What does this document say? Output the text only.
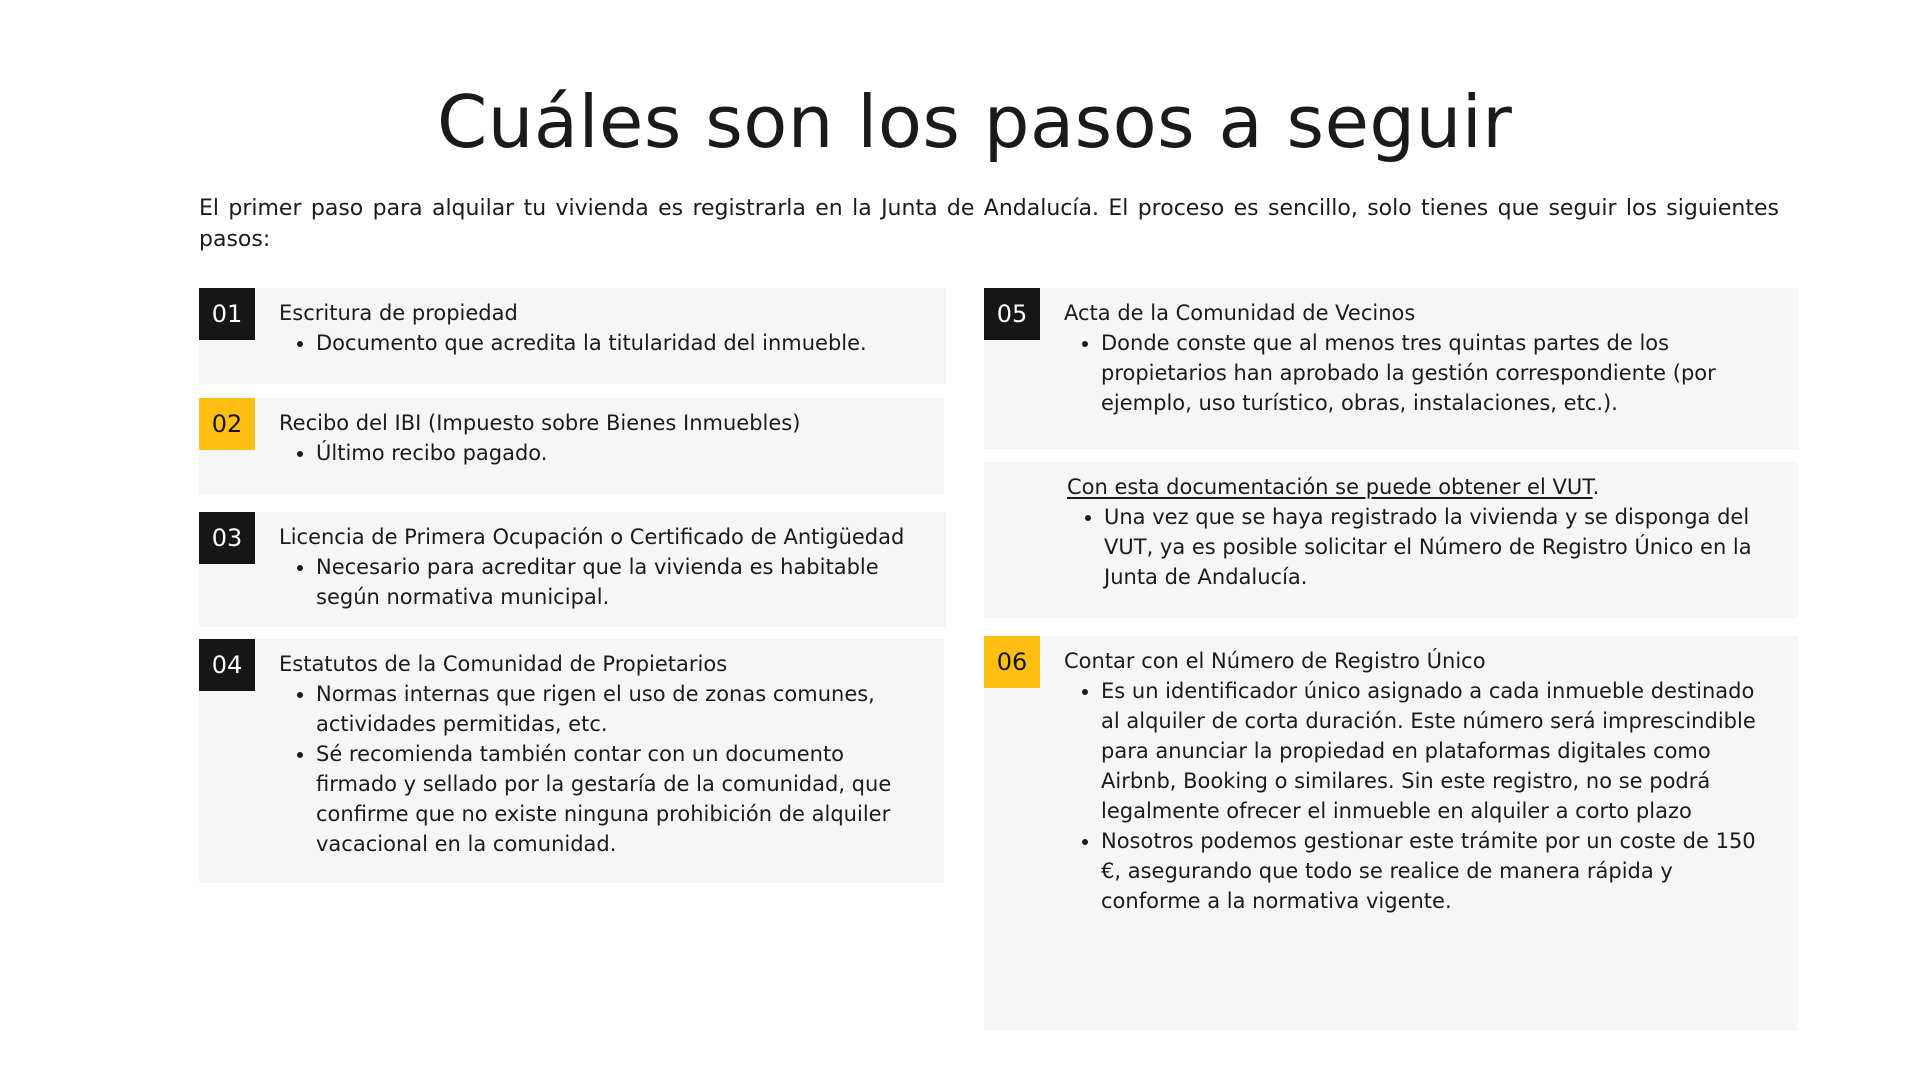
Cuáles son los pasos a seguir

El primer paso para alquilar tu vivienda es registrarla en la Junta de Andalucía. El proceso es sencillo, solo tienes que seguir los siguientes pasos:

01	Escritura de propiedad

• Documento que acredita la titularidad del inmueble.
02	Recibo del IBI (Impuesto sobre Bienes Inmuebles)

• Último recibo pagado.
03	Licencia de Primera Ocupación o Certificado de Antigüedad

• Necesario para acreditar que la vivienda es habitable según normativa municipal.
04	Estatutos de la Comunidad de Propietarios

• Normas internas que rigen el uso de zonas comunes, actividades permitidas, etc.
• Sé recomienda también contar con un documento firmado y sellado por la gestaría de la comunidad, que confirme que no existe ninguna prohibición de alquiler vacacional en la comunidad.
05	Acta de la Comunidad de Vecinos

• Donde conste que al menos tres quintas partes de los propietarios han aprobado la gestión correspondiente (por ejemplo, uso turístico, obras, instalaciones, etc.).

Con esta documentación se puede obtener el VUT.

• Una vez que se haya registrado la vivienda y se disponga del VUT, ya es posible solicitar el Número de Registro Único en la Junta de Andalucía.
06	Contar con el Número de Registro Único

• Es un identificador único asignado a cada inmueble destinado al alquiler de corta duración. Este número será imprescindible para anunciar la propiedad en plataformas digitales como Airbnb, Booking o similares. Sin este registro, no se podrá legalmente ofrecer el inmueble en alquiler a corto plazo
• Nosotros podemos gestionar este trámite por un coste de 150 €, asegurando que todo se realice de manera rápida y conforme a la normativa vigente.
